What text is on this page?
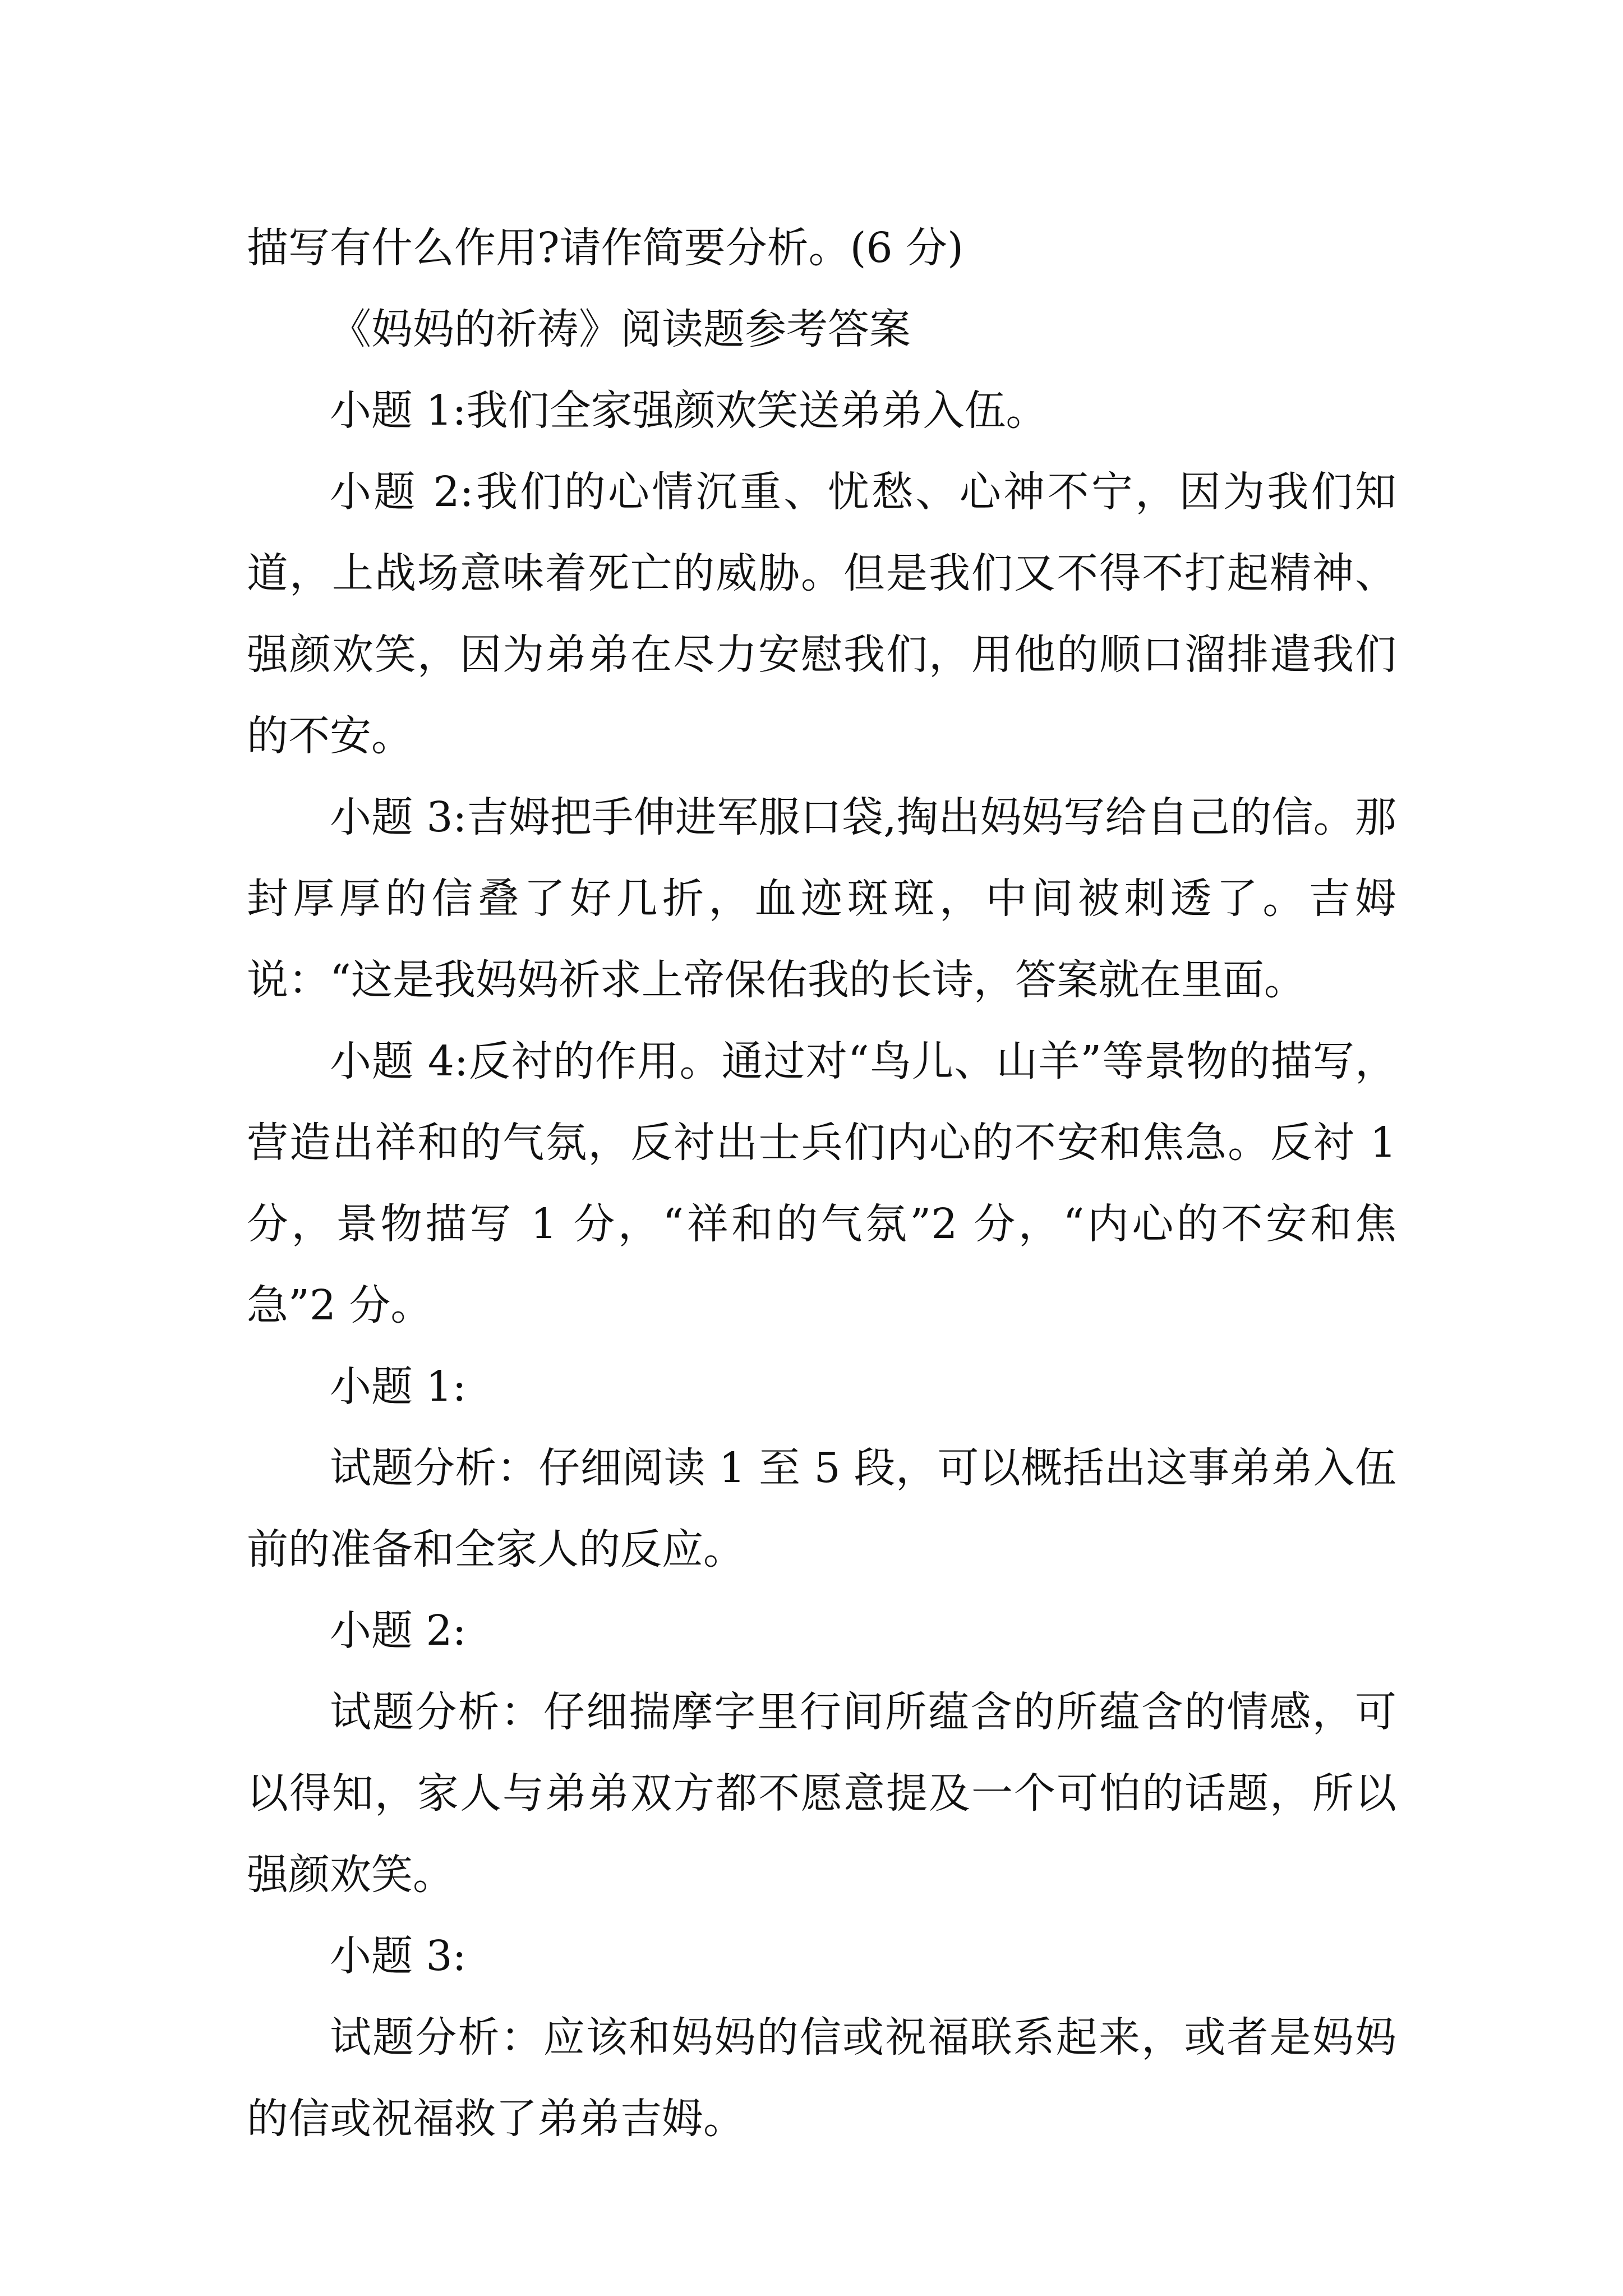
描写有什么作用?请作简要分析。(6 分)

《妈妈的祈祷》阅读题参考答案

小题 1:我们全家强颜欢笑送弟弟入伍。

小题 2:我们的心情沉重、忧愁、心神不宁，因为我们知道，上战场意味着死亡的威胁。但是我们又不得不打起精神、强颜欢笑，因为弟弟在尽力安慰我们，用他的顺口溜排遣我们的不安。

小题 3:吉姆把手伸进军服口袋,掏出妈妈写给自己的信。那封厚厚的信叠了好几折，血迹斑斑，中间被刺透了。吉姆说：“这是我妈妈祈求上帝保佑我的长诗，答案就在里面。

小题 4:反衬的作用。通过对“鸟儿、山羊”等景物的描写，营造出祥和的气氛，反衬出士兵们内心的不安和焦急。反衬 1 分，景物描写 1 分，“祥和的气氛”2 分，“内心的不安和焦急”2 分。

小题 1:

试题分析：仔细阅读 1 至 5 段，可以概括出这事弟弟入伍前的准备和全家人的反应。

小题 2:

试题分析：仔细揣摩字里行间所蕴含的所蕴含的情感，可以得知，家人与弟弟双方都不愿意提及一个可怕的话题，所以强颜欢笑。

小题 3:

试题分析：应该和妈妈的信或祝福联系起来，或者是妈妈的信或祝福救了弟弟吉姆。
